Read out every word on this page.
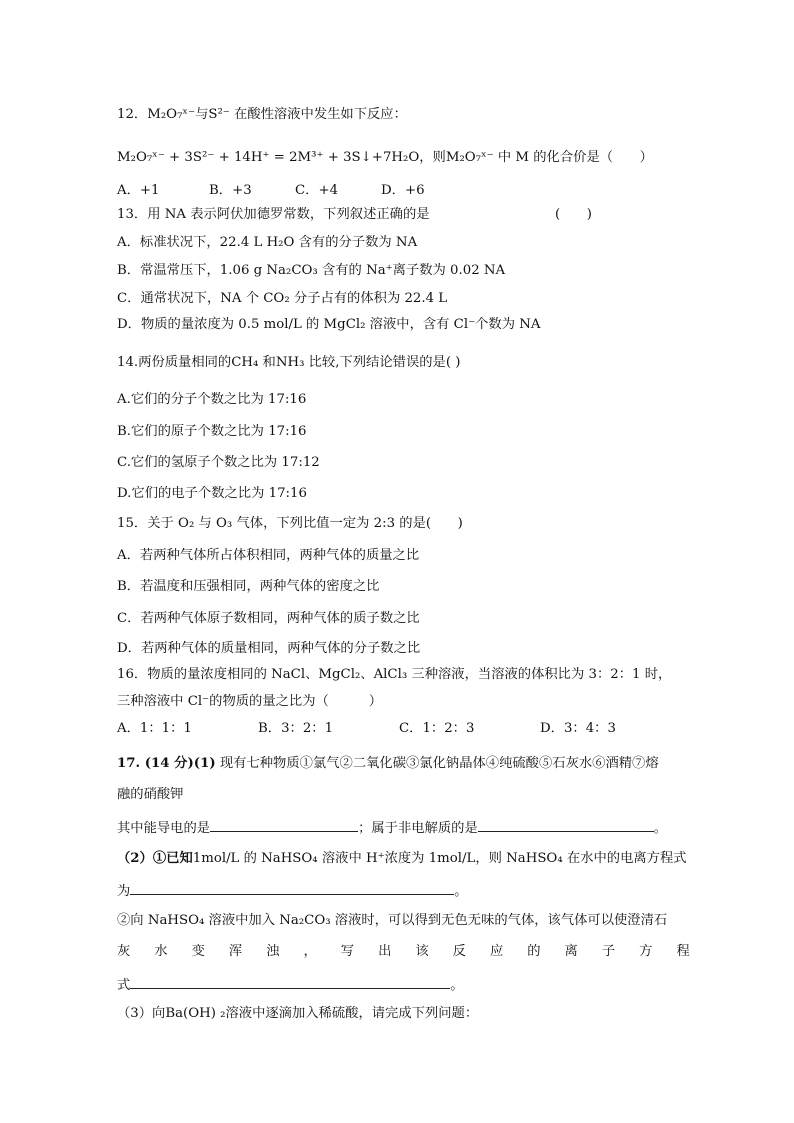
12．M₂O₇ˣ⁻与S²⁻ 在酸性溶液中发生如下反应：
M₂O₇ˣ⁻ + 3S²⁻ + 14H⁺ = 2M³⁺ + 3S↓+7H₂O，则M₂O₇ˣ⁻ 中 M 的化合价是（　　）
A．+1	B．+3	C．+4	D．+6
13．用 NA 表示阿伏加德罗常数，下列叙述正确的是	(　　)
A．标准状况下，22.4 L H₂O 含有的分子数为 NA
B．常温常压下，1.06 g Na₂CO₃ 含有的 Na⁺离子数为 0.02 NA
C．通常状况下，NA 个 CO₂ 分子占有的体积为 22.4 L
D．物质的量浓度为 0.5 mol/L 的 MgCl₂ 溶液中，含有 Cl⁻个数为 NA
14.两份质量相同的CH₄ 和NH₃ 比较,下列结论错误的是( )
A.它们的分子个数之比为 17:16
B.它们的原子个数之比为 17:16
C.它们的氢原子个数之比为 17:12
D.它们的电子个数之比为 17:16
15．关于 O₂ 与 O₃ 气体，下列比值一定为 2:3 的是(　　)
A．若两种气体所占体积相同，两种气体的质量之比
B．若温度和压强相同，两种气体的密度之比
C．若两种气体原子数相同，两种气体的质子数之比
D．若两种气体的质量相同，两种气体的分子数之比
16．物质的量浓度相同的 NaCl、MgCl₂、AlCl₃ 三种溶液，当溶液的体积比为 3：2：1 时，
三种溶液中 Cl⁻的物质的量之比为（　　　）
A．1：1：1	B．3：2：1	C．1：2：3	D．3：4：3
17. (14 分)(1) 现有七种物质①氯气②二氧化碳③氯化钠晶体④纯硫酸⑤石灰水⑥酒精⑦熔
融的硝酸钾
其中能导电的是	；属于非电解质的是	。
（2）①已知1mol/L 的 NaHSO₄ 溶液中 H⁺浓度为 1mol/L，则 NaHSO₄ 在水中的电离方程式
为	。
②向 NaHSO₄ 溶液中加入 Na₂CO₃ 溶液时，可以得到无色无味的气体，该气体可以使澄清石
灰水变浑浊，写出该反应的离子方程
式	。
（3）向Ba(OH) ₂溶液中逐滴加入稀硫酸，请完成下列问题：
